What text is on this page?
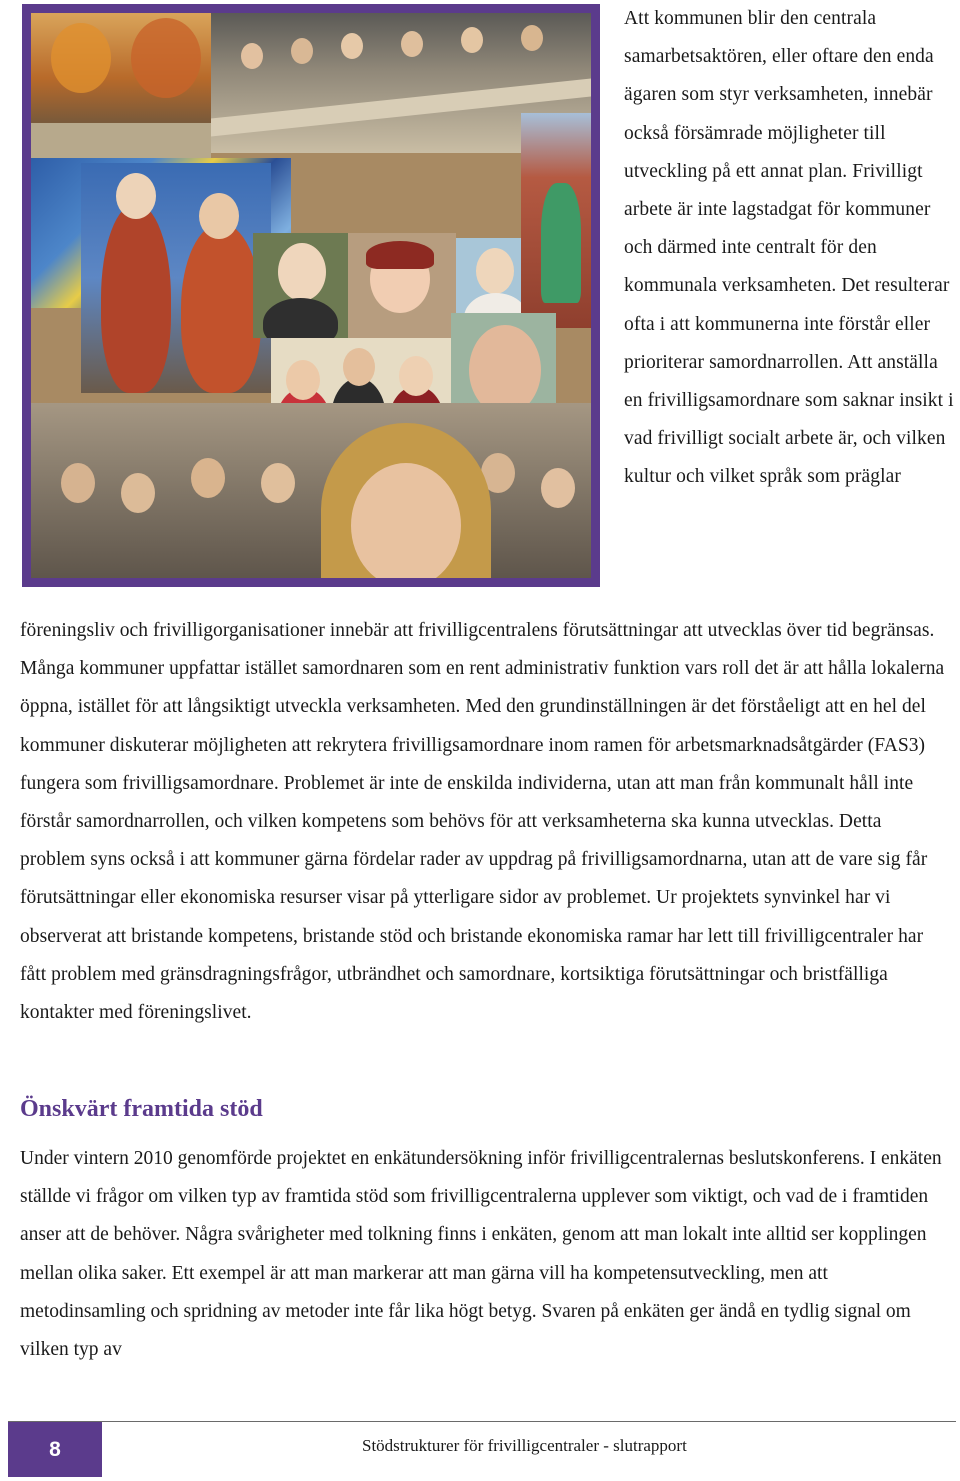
Att kommunen blir den centrala samarbetsaktören, eller oftare den enda ägaren som styr verksamheten, innebär också försämrade möjligheter till utveckling på ett annat plan. Frivilligt arbete är inte lagstadgat för kommuner och därmed inte centralt för den kommunala verksamheten. Det resulterar ofta i att kommunerna inte förstår eller prioriterar samordnarrollen. Att anställa en frivilligsamordnare som saknar insikt i vad frivilligt socialt arbete är, och vilken kultur och vilket språk som präglar

föreningsliv och frivilligorganisationer innebär att frivilligcentralens förutsättningar att utvecklas över tid begränsas. Många kommuner uppfattar istället samordnaren som en rent administrativ funktion vars roll det är att hålla lokalerna öppna, istället för att långsiktigt utveckla verksamheten. Med den grundinställningen är det förståeligt att en hel del kommuner diskuterar möjligheten att rekrytera frivilligsamordnare inom ramen för arbetsmarknadsåtgärder (FAS3) fungera som frivilligsamordnare. Problemet är inte de enskilda individerna, utan att man från kommunalt håll inte förstår samordnarrollen, och vilken kompetens som behövs för att verksamheterna ska kunna utvecklas. Detta problem syns också i att kommuner gärna fördelar rader av uppdrag på frivilligsamordnarna, utan att de vare sig får förutsättningar eller ekonomiska resurser visar på ytterligare sidor av problemet. Ur projektets synvinkel har vi observerat att bristande kompetens, bristande stöd och bristande ekonomiska ramar har lett till frivilligcentraler har fått problem med gränsdragningsfrågor, utbrändhet och samordnare, kortsiktiga förutsättningar och bristfälliga kontakter med föreningslivet.

Önskvärt framtida stöd

Under vintern 2010 genomförde projektet en enkätundersökning inför frivilligcentralernas beslutskonferens. I enkäten ställde vi frågor om vilken typ av framtida stöd som frivilligcentralerna upplever som viktigt, och vad de i framtiden anser att de behöver. Några svårigheter med tolkning finns i enkäten, genom att man lokalt inte alltid ser kopplingen mellan olika saker. Ett exempel är att man markerar att man gärna vill ha kompetensutveckling, men att metodinsamling och spridning av metoder inte får lika högt betyg. Svaren på enkäten ger ändå en tydlig signal om vilken typ av

8	Stödstrukturer för frivilligcentraler - slutrapport
